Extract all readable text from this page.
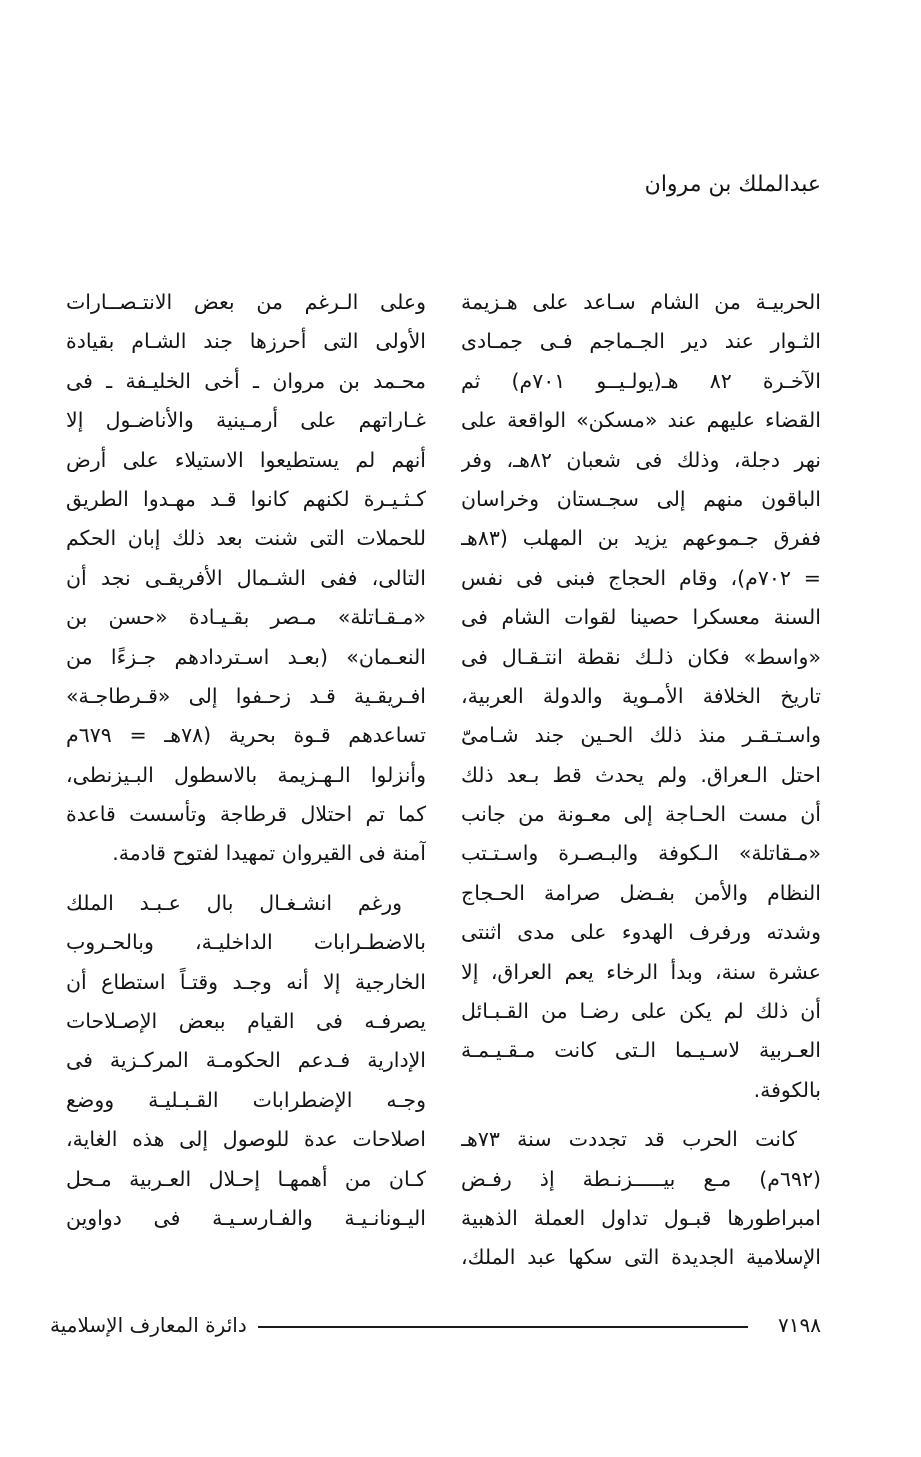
عبدالملك بن مروان
الحربيـة من الشام سـاعد على هـزيمة
الثـوار عند دير الجـماجم فـى جمـادى
الآخـرة ٨٢ هـ(يولـيــو ٧٠١م) ثم
القضاء عليهم عند «مسكن» الواقعة على
نهر دجلة، وذلك فى شعبان ٨٢هـ، وفر
الباقون منهم إلى سجـستان وخراسان
ففرق جـموعهم يزيد بن المهلب (٨٣هـ
= ٧٠٢م)، وقام الحجاج فبنى فى نفس
السنة معسكرا حصينا لقوات الشام فى
«واسط» فكان ذلـك نقطة انتـقـال فى
تاريخ الخلافة الأمـوية والدولة العربية،
واسـتـقـر منذ ذلك الحـين جند شـامىّ
احتل الـعراق. ولم يحدث قط بـعد ذلك
أن مست الحـاجة إلى معـونة من جانب
«مـقاتلة» الـكوفة والبـصـرة واسـتـتب
النظام والأمن بفـضل صرامة الحـجاج
وشدته ورفرف الهدوء على مدى اثنتى
عشرة سنة، وبدأ الرخاء يعم العراق، إلا
أن ذلك لم يكن على رضـا من القـبـائل
العـربية لاسـيـما الـتى كانت مـقـيـمـة
بالكوفة.
كانت الحرب قد تجددت سنة ٧٣هـ
(٦٩٢م) مـع بيـــــزنـطة إذ رفـض
امبراطورها قبـول تداول العملة الذهبية
الإسلامية الجديدة التى سكها عبد الملك،
وعلى الـرغم من بعض الانتـصــارات
الأولى التى أحرزها جند الشـام بقيادة
محـمد بن مروان ـ أخى الخليـفة ـ فى
غـاراتهم على أرمـينية والأناضـول إلا
أنهم لم يستطيعوا الاستيلاء على أرض
كـثـيـرة لكنهم كانوا قـد مهـدوا الطريق
للحملات التى شنت بعد ذلك إبان الحكم
التالى، ففى الشـمال الأفريقـى نجد أن
«مـقـاتلة» مـصر بقـيـادة «حسن بن
النعـمان» (بعـد اسـتردادهم جـزءًا من
افـريقـية قـد زحـفوا إلى «قـرطاجـة»
تساعدهم قـوة بحرية (٧٨هـ = ٦٧٩م
وأنزلوا الـهـزيمة بالاسطول البـيزنطى،
كما تم احتلال قرطاجة وتأسست قاعدة
آمنة فى القيروان تمهيدا لفتوح قادمة.
ورغم انشـغـال بال عـبـد الملك
بالاضطـرابات الداخليـة، وبالحـروب
الخارجية إلا أنه وجـد وقتـاً استطاع أن
يصرفـه فى القيام ببعض الإصـلاحات
الإدارية فـدعم الحكومـة المركـزية فى
وجـه الإضطرابات القـبـليـة ووضع
اصلاحات عدة للوصول إلى هذه الغاية،
كـان من أهمهـا إحـلال العـربية مـحل
اليـونانـيـة والفـارسـيـة فى دواوين
٧١٩٨
دائرة المعارف الإسلامية
